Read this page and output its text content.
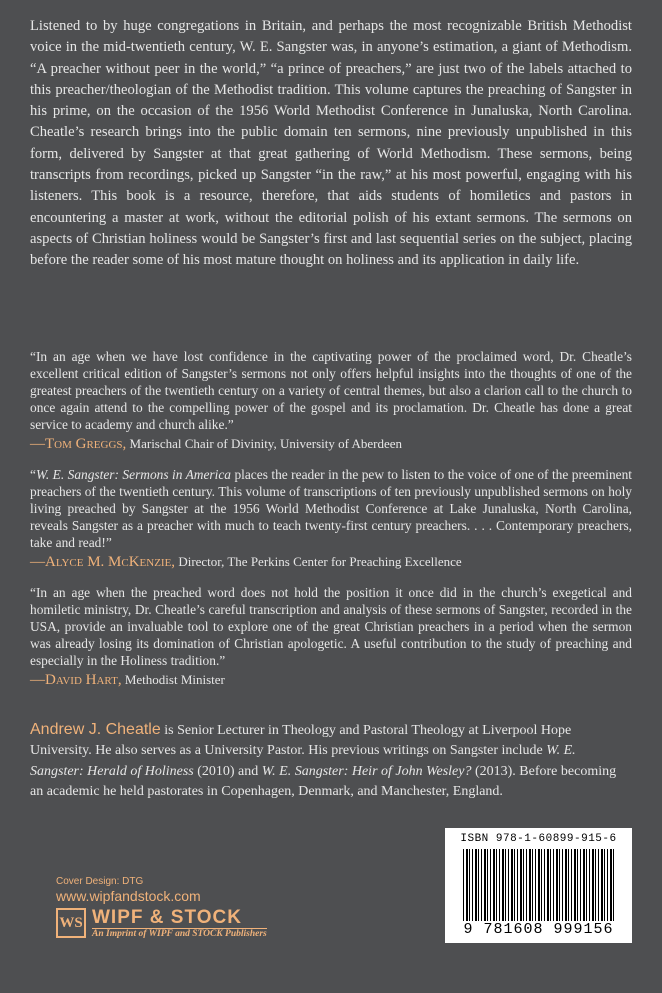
Listened to by huge congregations in Britain, and perhaps the most recognizable British Methodist voice in the mid-twentieth century, W. E. Sangster was, in anyone’s estimation, a giant of Methodism. “A preacher without peer in the world,” “a prince of preachers,” are just two of the labels attached to this preacher/theologian of the Methodist tradition. This volume captures the preaching of Sangster in his prime, on the occasion of the 1956 World Methodist Conference in Junaluska, North Carolina. Cheatle’s research brings into the public domain ten sermons, nine previously unpublished in this form, delivered by Sangster at that great gathering of World Methodism. These sermons, being transcripts from recordings, picked up Sangster “in the raw,” at his most powerful, engaging with his listeners. This book is a resource, therefore, that aids students of homiletics and pastors in encountering a master at work, without the editorial polish of his extant sermons. The sermons on aspects of Christian holiness would be Sangster’s first and last sequential series on the subject, placing before the reader some of his most mature thought on holiness and its application in daily life.

“In an age when we have lost confidence in the captivating power of the proclaimed word, Dr. Cheatle’s excellent critical edition of Sangster’s sermons not only offers helpful insights into the thoughts of one of the greatest preachers of the twentieth century on a variety of central themes, but also a clarion call to the church to once again attend to the compelling power of the gospel and its proclamation. Dr. Cheatle has done a great service to academy and church alike.”
—Tom Greggs, Marischal Chair of Divinity, University of Aberdeen
“W. E. Sangster: Sermons in America places the reader in the pew to listen to the voice of one of the preeminent preachers of the twentieth century. This volume of transcriptions of ten previously unpublished sermons on holy living preached by Sangster at the 1956 World Methodist Conference at Lake Junaluska, North Carolina, reveals Sangster as a preacher with much to teach twenty-first century preachers. . . . Contemporary preachers, take and read!”
—Alyce M. McKenzie, Director, The Perkins Center for Preaching Excellence
“In an age when the preached word does not hold the position it once did in the church’s exegetical and homiletic ministry, Dr. Cheatle’s careful transcription and analysis of these sermons of Sangster, recorded in the USA, provide an invaluable tool to explore one of the great Christian preachers in a period when the sermon was already losing its domination of Christian apologetic. A useful contribution to the study of preaching and especially in the Holiness tradition.”
—David Hart, Methodist Minister
Andrew J. Cheatle is Senior Lecturer in Theology and Pastoral Theology at Liverpool Hope University. He also serves as a University Pastor. His previous writings on Sangster include W. E. Sangster: Herald of Holiness (2010) and W. E. Sangster: Heir of John Wesley? (2013). Before becoming an academic he held pastorates in Copenhagen, Denmark, and Manchester, England.
Cover Design: DTG
www.wipfandstock.com
WS WIPF & STOCK
An Imprint of WIPF and STOCK Publishers
ISBN 978-1-60899-915-6
9 781608 999156
